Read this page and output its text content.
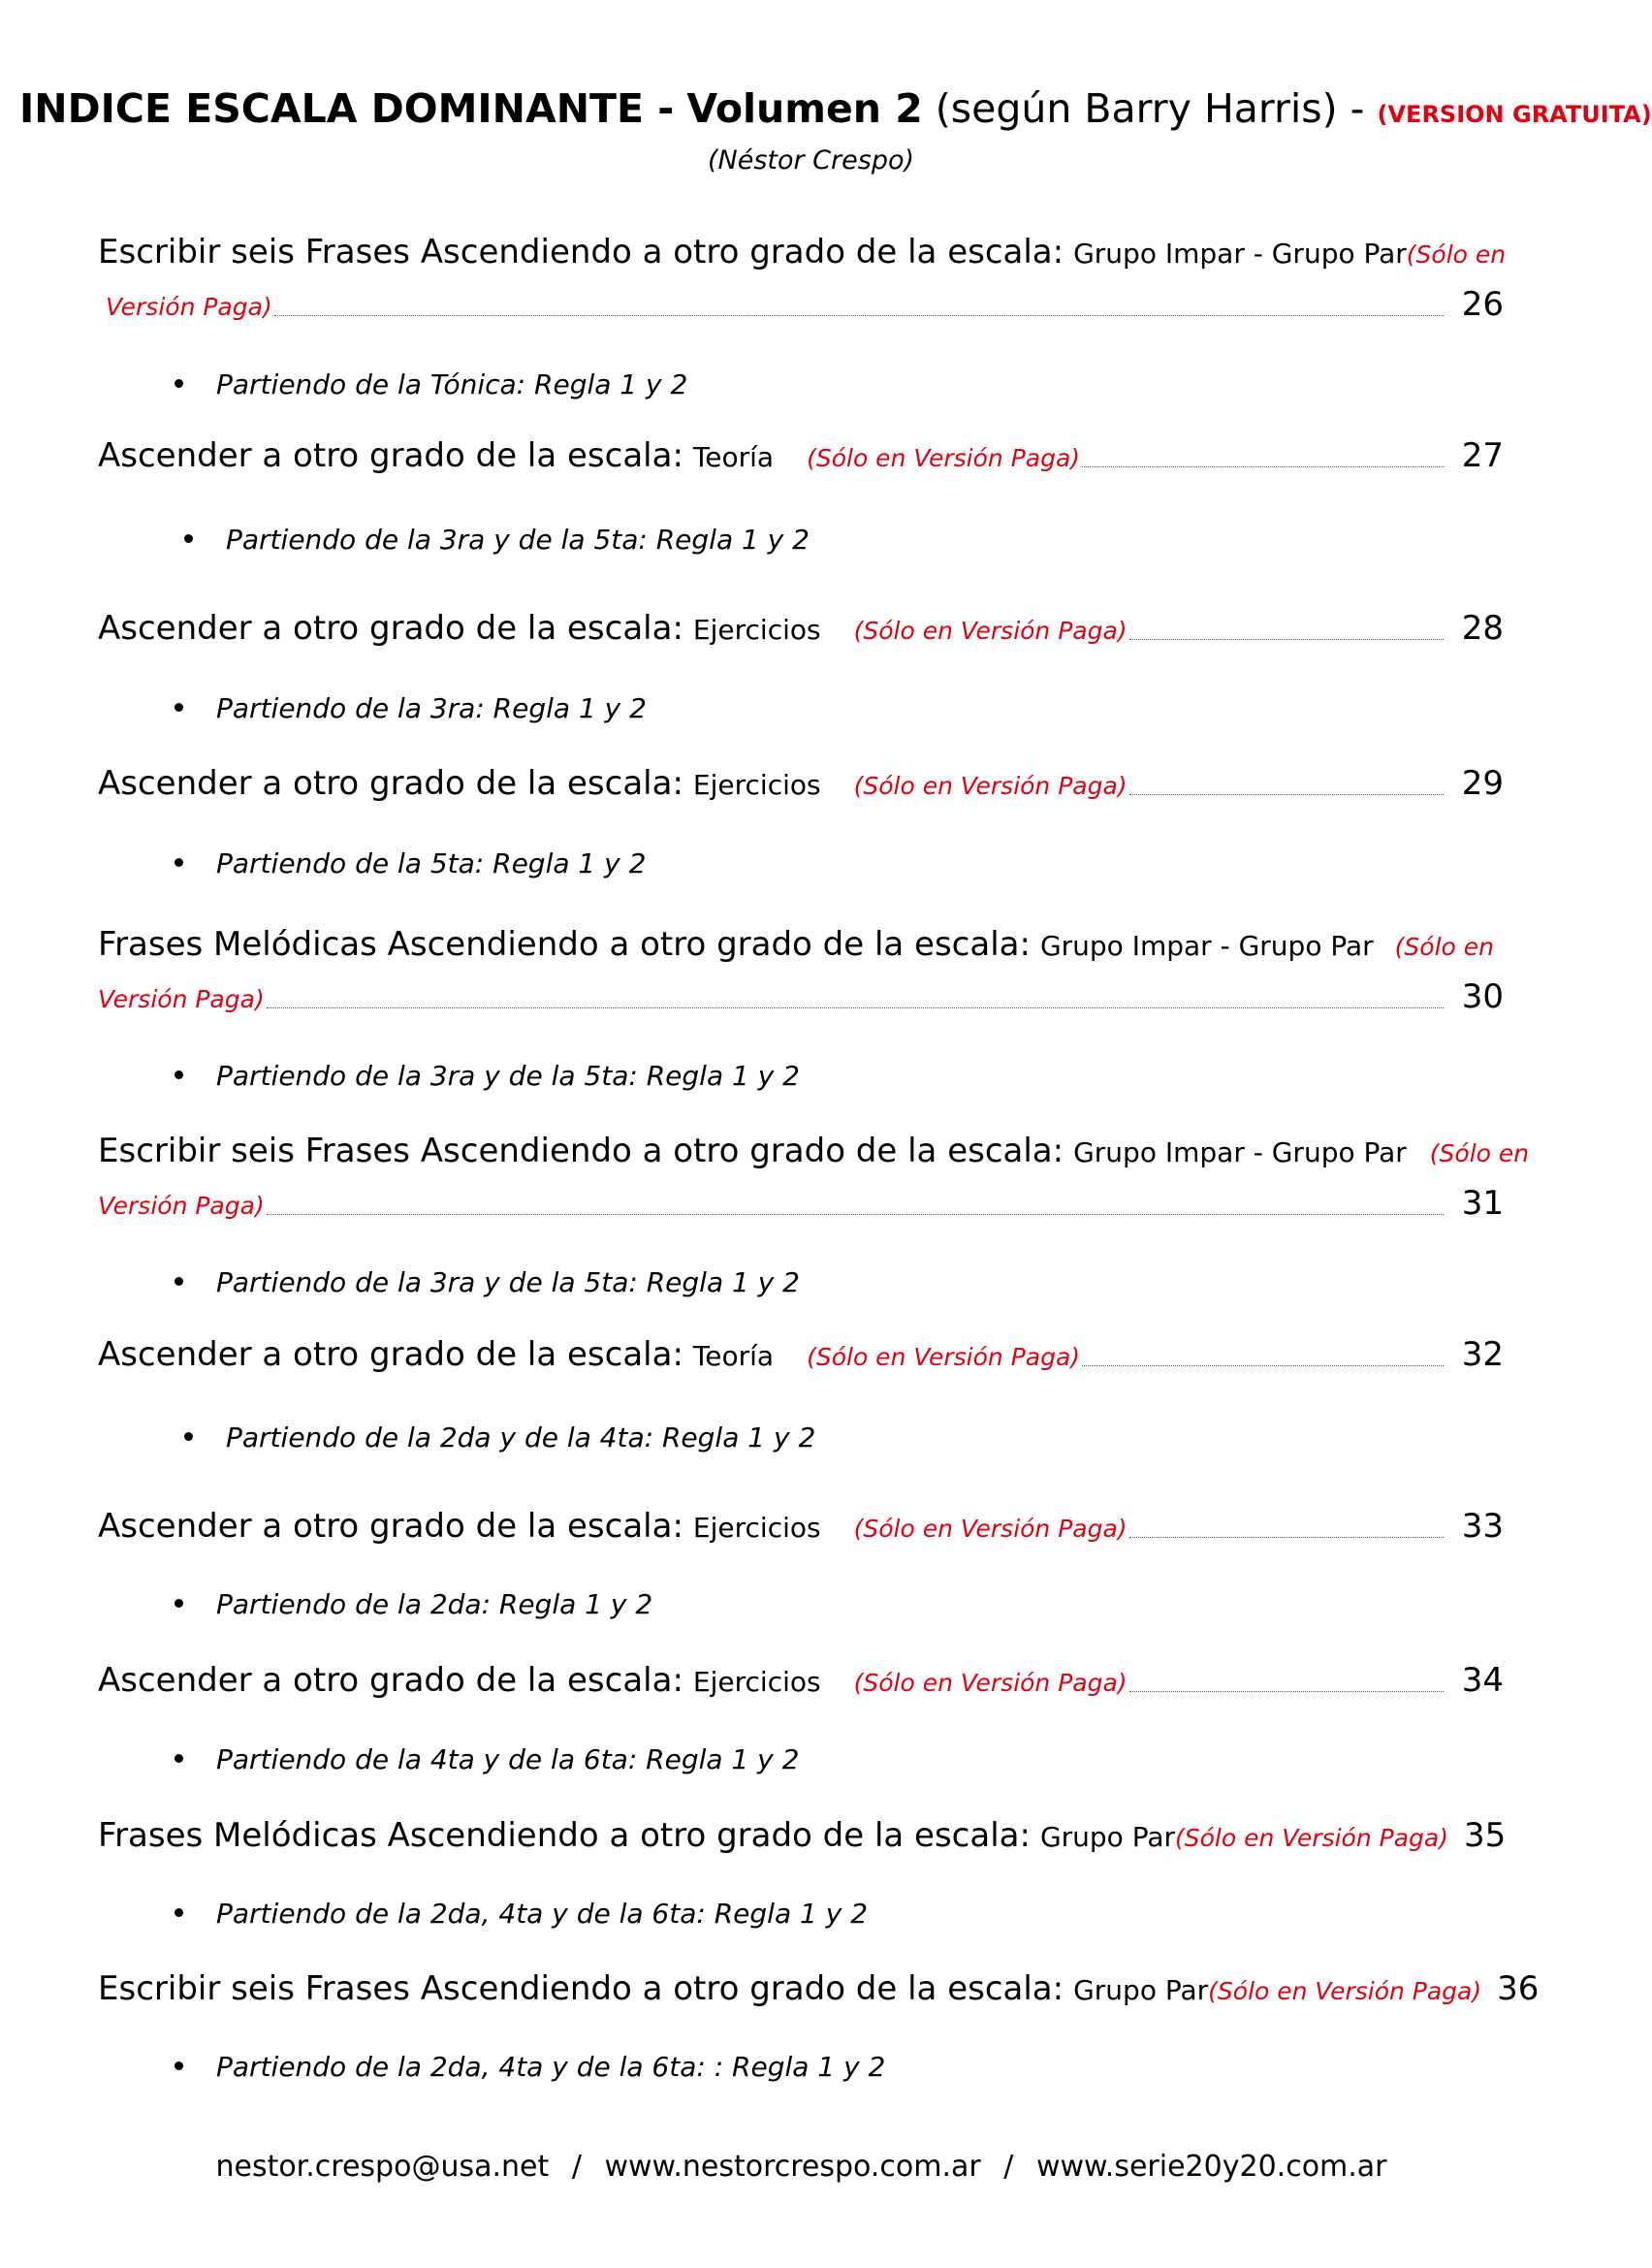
INDICE ESCALA DOMINANTE - Volumen 2 (según Barry Harris) - (VERSION GRATUITA)
(Néstor Crespo)
Escribir seis Frases Ascendiendo a otro grado de la escala: Grupo Impar - Grupo Par (Sólo en
Versión Paga)	26
Partiendo de la Tónica: Regla 1 y 2
Ascender a otro grado de la escala: Teoría (Sólo en Versión Paga)	27
Partiendo de la 3ra y de la 5ta: Regla 1 y 2
Ascender a otro grado de la escala: Ejercicios (Sólo en Versión Paga)	28
Partiendo de la 3ra: Regla 1 y 2
Ascender a otro grado de la escala: Ejercicios (Sólo en Versión Paga)	29
Partiendo de la 5ta: Regla 1 y 2
Frases Melódicas Ascendiendo a otro grado de la escala: Grupo Impar - Grupo Par (Sólo en
Versión Paga)	30
Partiendo de la 3ra y de la 5ta: Regla 1 y 2
Escribir seis Frases Ascendiendo a otro grado de la escala: Grupo Impar - Grupo Par (Sólo en
Versión Paga)	31
Partiendo de la 3ra y de la 5ta: Regla 1 y 2
Ascender a otro grado de la escala: Teoría (Sólo en Versión Paga)	32
Partiendo de la 2da y de la 4ta: Regla 1 y 2
Ascender a otro grado de la escala: Ejercicios (Sólo en Versión Paga)	33
Partiendo de la 2da: Regla 1 y 2
Ascender a otro grado de la escala: Ejercicios (Sólo en Versión Paga)	34
Partiendo de la 4ta y de la 6ta: Regla 1 y 2
Frases Melódicas Ascendiendo a otro grado de la escala: Grupo Par (Sólo en Versión Paga) 35
Partiendo de la 2da, 4ta y de la 6ta: Regla 1 y 2
Escribir seis Frases Ascendiendo a otro grado de la escala: Grupo Par (Sólo en Versión Paga) 36
Partiendo de la 2da, 4ta y de la 6ta: : Regla 1 y 2
nestor.crespo@usa.net / www.nestorcrespo.com.ar / www.serie20y20.com.ar
